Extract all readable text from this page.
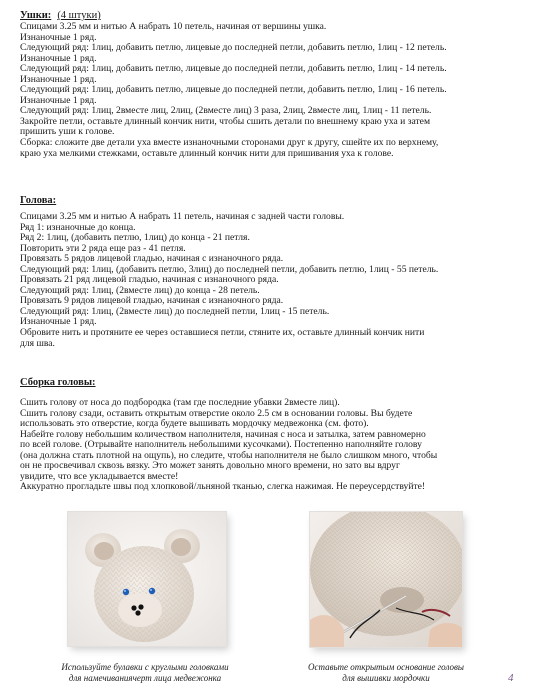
Ушки: (4 штуки)
Спицами 3.25 мм и нитью А набрать 10 петель, начиная от вершины ушка.
Изнаночные 1 ряд.
Следующий ряд: 1лиц, добавить петлю, лицевые до последней петли, добавить петлю, 1лиц - 12 петель.
Изнаночные 1 ряд.
Следующий ряд: 1лиц, добавить петлю, лицевые до последней петли, добавить петлю, 1лиц - 14 петель.
Изнаночные 1 ряд.
Следующий ряд: 1лиц, добавить петлю, лицевые до последней петли, добавить петлю, 1лиц - 16 петель.
Изнаночные 1 ряд.
Следующий ряд: 1лиц, 2вместе лиц, 2лиц, (2вместе лиц) 3 раза, 2лиц, 2вместе лиц, 1лиц - 11 петель.
Закройте петли, оставьте длинный кончик нити, чтобы сшить детали по внешнему краю уха и затем
пришить уши к голове.
Сборка: сложите две детали уха вместе изнаночными сторонами друг к другу, сшейте их по верхнему,
краю уха мелкими стежками, оставьте длинный кончик нити для пришивания уха к голове.
Голова:
Спицами 3.25 мм и нитью А набрать 11 петель, начиная с задней части головы.
Ряд 1: изнаночные до конца.
Ряд 2: 1лиц, (добавить петлю, 1лиц) до конца - 21 петля.
Повторить эти 2 ряда еще раз - 41 петля.
Провязать 5 рядов лицевой гладью, начиная с изнаночного ряда.
Следующий ряд: 1лиц, (добавить петлю, 3лиц) до последней петли, добавить петлю, 1лиц - 55 петель.
Провязать 21 ряд лицевой гладью, начиная с изнаночного ряда.
Следующий ряд: 1лиц, (2вместе лиц) до конца - 28 петель.
Провязать 9 рядов лицевой гладью, начиная с изнаночного ряда.
Следующий ряд: 1лиц, (2вместе лиц) до последней петли, 1лиц - 15 петель.
Изнаночные 1 ряд.
Обровите нить и протяните ее через оставшиеся петли, стяните их, оставьте длинный кончик нити
для шва.
Сборка головы:
Сшить голову от носа до подбородка (там где последние убавки 2вместе лиц).
Сшить голову сзади, оставить открытым отверстие около 2.5 см в основании головы. Вы будете
использовать это отверстие, когда будете вышивать мордочку медвежонка (см. фото).
Набейте голову небольшим количеством наполнителя, начиная с носа и затылка, затем равномерно
по всей голове. (Отрывайте наполнитель небольшими кусочками). Постепенно наполняйте голову
(она должна стать плотной на ощупь), но следите, чтобы наполнителя не было слишком много, чтобы
он не просвечивал сквозь вязку. Это может занять довольно много времени, но зато вы вдруг
увидите, что все укладывается вместе!
Аккуратно прогладьте швы под хлопковой/льняной тканью, слегка нажимая. Не переусердствуйте!
Используйте булавки с круглыми головками
для намечиваниячерт лица медвежонка
Оставьте открытым основание головы
для вышивки мордочки	4
